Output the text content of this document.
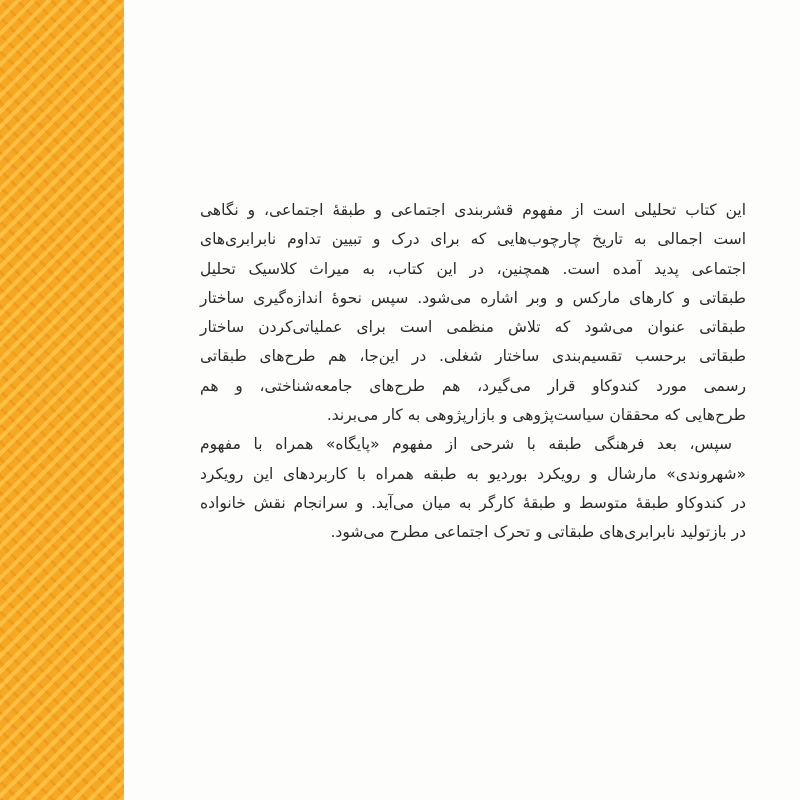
این کتاب تحلیلی است از مفهوم قشربندی اجتماعی و طبقهٔ اجتماعی، و نگاهی
است اجمالی به تاریخ چارچوب‌هایی که برای درک و تبیین تداوم نابرابری‌های
اجتماعی پدید آمده است. همچنین، در این کتاب، به میراث کلاسیک تحلیل
طبقاتی و کارهای مارکس و وبر اشاره می‌شود. سپس نحوهٔ اندازه‌گیری ساختار
طبقاتی عنوان می‌شود که تلاش منظمی است برای عملیاتی‌کردن ساختار
طبقاتی برحسب تقسیم‌بندی ساختار شغلی. در این‌جا، هم طرح‌های طبقاتی
رسمی مورد کندوکاو قرار می‌گیرد، هم طرح‌های جامعه‌شناختی، و هم
طرح‌هایی که محققان سیاست‌پژوهی و بازارپژوهی به کار می‌برند.
سپس، بعد فرهنگی طبقه با شرحی از مفهوم «پایگاه» همراه با مفهوم
«شهروندی» مارشال و رویکرد بوردیو به طبقه همراه با کاربردهای این رویکرد
در کندوکاو طبقهٔ متوسط و طبقهٔ کارگر به میان می‌آید. و سرانجام نقش خانواده
در بازتولید نابرابری‌های طبقاتی و تحرک اجتماعی مطرح می‌شود.
